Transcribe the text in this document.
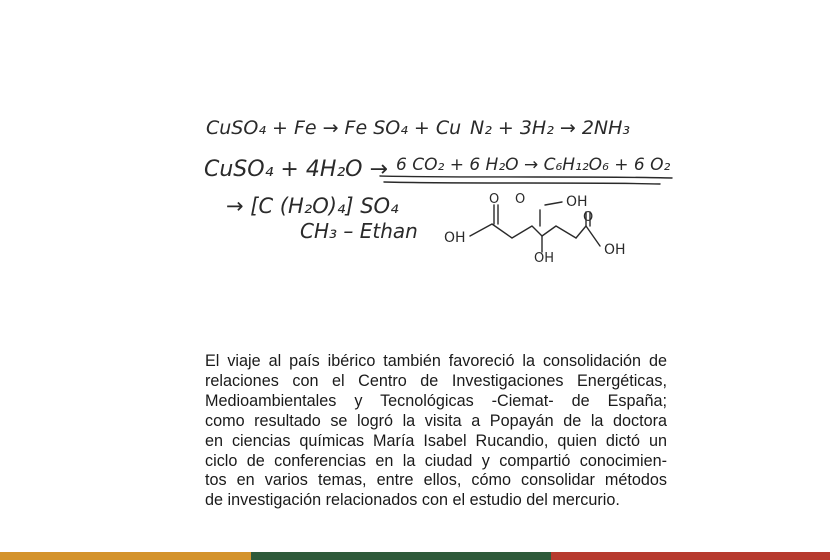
CuSO₄ + Fe → Fe SO₄ + Cu N₂ + 3H₂ → 2NH₃
CuSO₄ + 4H₂O → 6 CO₂ + 6 H₂O → C₆H₁₂O₆ + 6 O₂
→ [C (H₂O)₄] SO₄
CH₃ – Ethan OH
O O	OH
OH
O
OH

El viaje al país ibérico también favoreció la consolidación de
relaciones con el Centro de Investigaciones Energéticas,
Medioambientales y Tecnológicas -Ciemat- de España;
como resultado se logró la visita a Popayán de la doctora
en ciencias químicas María Isabel Rucandio, quien dictó un
ciclo de conferencias en la ciudad y compartió conocimien-
tos en varios temas, entre ellos, cómo consolidar métodos
de investigación relacionados con el estudio del mercurio.
